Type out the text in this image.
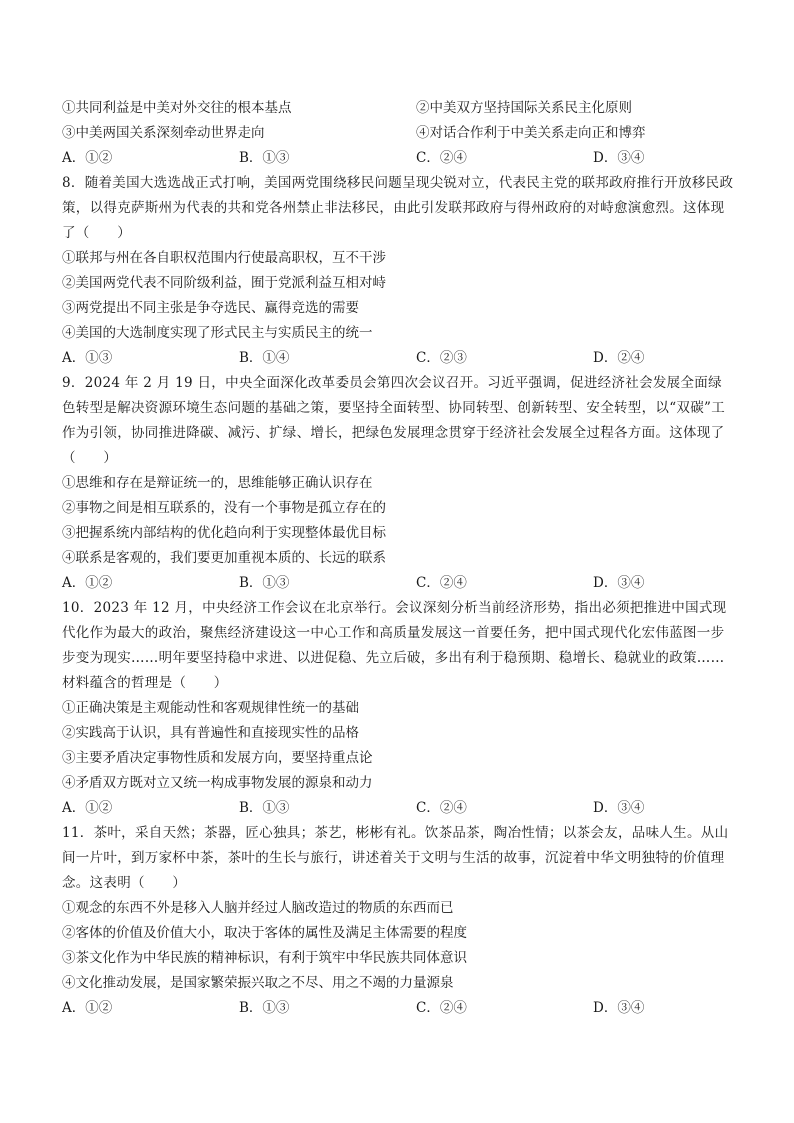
①共同利益是中美对外交往的根本基点	②中美双方坚持国际关系民主化原则
③中美两国关系深刻牵动世界走向	④对话合作利于中美关系走向正和博弈
A．①②	B．①③	C．②④	D．③④
8．随着美国大选选战正式打响，美国两党围绕移民问题呈现尖锐对立，代表民主党的联邦政府推行开放移民政策，以得克萨斯州为代表的共和党各州禁止非法移民，由此引发联邦政府与得州政府的对峙愈演愈烈。这体现了（　　）
①联邦与州在各自职权范围内行使最高职权，互不干涉
②美国两党代表不同阶级利益，囿于党派利益互相对峙
③两党提出不同主张是争夺选民、赢得竞选的需要
④美国的大选制度实现了形式民主与实质民主的统一
A．①③	B．①④	C．②③	D．②④
9．2024 年 2 月 19 日，中央全面深化改革委员会第四次会议召开。习近平强调，促进经济社会发展全面绿色转型是解决资源环境生态问题的基础之策，要坚持全面转型、协同转型、创新转型、安全转型，以“双碳”工作为引领，协同推进降碳、减污、扩绿、增长，把绿色发展理念贯穿于经济社会发展全过程各方面。这体现了（　　）
①思维和存在是辩证统一的，思维能够正确认识存在
②事物之间是相互联系的，没有一个事物是孤立存在的
③把握系统内部结构的优化趋向利于实现整体最优目标
④联系是客观的，我们要更加重视本质的、长远的联系
A．①②	B．①③	C．②④	D．③④
10．2023 年 12 月，中央经济工作会议在北京举行。会议深刻分析当前经济形势，指出必须把推进中国式现代化作为最大的政治，聚焦经济建设这一中心工作和高质量发展这一首要任务，把中国式现代化宏伟蓝图一步步变为现实……明年要坚持稳中求进、以进促稳、先立后破，多出有利于稳预期、稳增长、稳就业的政策……材料蕴含的哲理是（　　）
①正确决策是主观能动性和客观规律性统一的基础
②实践高于认识，具有普遍性和直接现实性的品格
③主要矛盾决定事物性质和发展方向，要坚持重点论
④矛盾双方既对立又统一构成事物发展的源泉和动力
A．①②	B．①③	C．②④	D．③④
11．茶叶，采自天然；茶器，匠心独具；茶艺，彬彬有礼。饮茶品茶，陶冶性情；以茶会友，品味人生。从山间一片叶，到万家杯中茶，茶叶的生长与旅行，讲述着关于文明与生活的故事，沉淀着中华文明独特的价值理念。这表明（　　）
①观念的东西不外是移入人脑并经过人脑改造过的物质的东西而已
②客体的价值及价值大小，取决于客体的属性及满足主体需要的程度
③茶文化作为中华民族的精神标识，有利于筑牢中华民族共同体意识
④文化推动发展，是国家繁荣振兴取之不尽、用之不竭的力量源泉
A．①②	B．①③	C．②④	D．③④
